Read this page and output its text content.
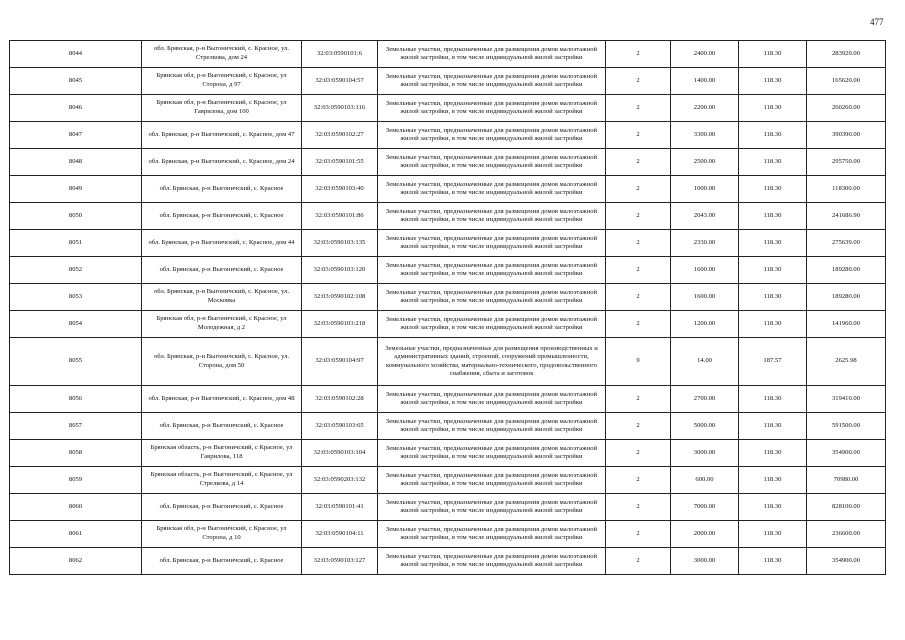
477
8044	обл. Брянская, р-н Выгоничский, с. Красное, ул. Стрелкова, дом 24	32:03:0590101:6	Земельные участки, предназначенные для размещения домов малоэтажной жилой застройки, в том числе индивидуальной жилой застройки	2	2400.00	118.30	283920.00
8045	Брянская обл, р-н Выгоничский, с Красное, ул Сторона, д 97	32:03:0590104:57	Земельные участки, предназначенные для размещения домов малоэтажной жилой застройки, в том числе индивидуальной жилой застройки	2	1400.00	118.30	165620.00
8046	Брянская обл, р-н Выгоничский, с Красное, ул Гаврилова, дом 100	32:03:0590103:116	Земельные участки, предназначенные для размещения домов малоэтажной жилой застройки, в том числе индивидуальной жилой застройки	2	2200.00	118.30	260260.00
8047	обл. Брянская, р-н Выгоничский, с. Красное, дом 47	32:03:0590102:27	Земельные участки, предназначенные для размещения домов малоэтажной жилой застройки, в том числе индивидуальной жилой застройки	2	3300.00	118.30	390390.00
8048	обл. Брянская, р-н Выгоничский, с. Красное, дом 24	32:03:0590101:55	Земельные участки, предназначенные для размещения домов малоэтажной жилой застройки, в том числе индивидуальной жилой застройки	2	2500.00	118.30	295750.00
8049	обл. Брянская, р-н Выгоничский, с. Красное	32:03:0590103:40	Земельные участки, предназначенные для размещения домов малоэтажной жилой застройки, в том числе индивидуальной жилой застройки	2	1000.00	118.30	118300.00
8050	обл. Брянская, р-н Выгоничский, с. Красное	32:03:0590101:86	Земельные участки, предназначенные для размещения домов малоэтажной жилой застройки, в том числе индивидуальной жилой застройки	2	2043.00	118.30	241686.90
8051	обл. Брянская, р-н Выгоничский, с. Красное, дом 44	32:03:0590103:135	Земельные участки, предназначенные для размещения домов малоэтажной жилой застройки, в том числе индивидуальной жилой застройки	2	2330.00	118.30	275639.00
8052	обл. Брянская, р-н Выгоничский, с. Красное	32:03:0590103:120	Земельные участки, предназначенные для размещения домов малоэтажной жилой застройки, в том числе индивидуальной жилой застройки	2	1600.00	118.30	189280.00
8053	обл. Брянская, р-н Выгоничский, с. Красное, ул. Московка	32:03:0590102:108	Земельные участки, предназначенные для размещения домов малоэтажной жилой застройки, в том числе индивидуальной жилой застройки	2	1600.00	118.30	189280.00
8054	Брянская обл, р-н Выгоничский, с Красное, ул Молодежная, д 2	32:03:0590103:218	Земельные участки, предназначенные для размещения домов малоэтажной жилой застройки, в том числе индивидуальной жилой застройки	2	1200.00	118.30	141960.00
8055	обл. Брянская, р-н Выгоничский, с. Красное, ул. Сторона, дом 50	32:03:0590104:97	Земельные участки, предназначенные для размещения производственных и административных зданий, строений, сооружений промышленности, коммунального хозяйства, материально-технического, продовольственного снабжения, сбыта и заготовок	9	14.00	187.57	2625.98
8056	обл. Брянская, р-н Выгоничский, с. Красное, дом 48	32:03:0590102:28	Земельные участки, предназначенные для размещения домов малоэтажной жилой застройки, в том числе индивидуальной жилой застройки	2	2700.00	118.30	319410.00
8057	обл. Брянская, р-н Выгоничский, с. Красное	32:03:0590103:65	Земельные участки, предназначенные для размещения домов малоэтажной жилой застройки, в том числе индивидуальной жилой застройки	2	5000.00	118.30	591500.00
8058	Брянская область, р-н Выгоничский, с Красное, ул Гаврилова, 118	32:03:0590103:104	Земельные участки, предназначенные для размещения домов малоэтажной жилой застройки, в том числе индивидуальной жилой застройки	2	3000.00	118.30	354900.00
8059	Брянская область, р-н Выгоничский, с Красное, ул Стрелкова, д 14	32:03:0590203:132	Земельные участки, предназначенные для размещения домов малоэтажной жилой застройки, в том числе индивидуальной жилой застройки	2	600.00	118.30	70980.00
8060	обл. Брянская, р-н Выгоничский, с. Красное	32:03:0590101:41	Земельные участки, предназначенные для размещения домов малоэтажной жилой застройки, в том числе индивидуальной жилой застройки	2	7000.00	118.30	828100.00
8061	Брянская обл, р-н Выгоничский, с Красное, ул Сторона, д 10	32:03:0590104:11	Земельные участки, предназначенные для размещения домов малоэтажной жилой застройки, в том числе индивидуальной жилой застройки	2	2000.00	118.30	236600.00
8062	обл. Брянская, р-н Выгоничский, с. Красное	32:03:0590103:127	Земельные участки, предназначенные для размещения домов малоэтажной жилой застройки, в том числе индивидуальной жилой застройки	2	3000.00	118.30	354900.00
